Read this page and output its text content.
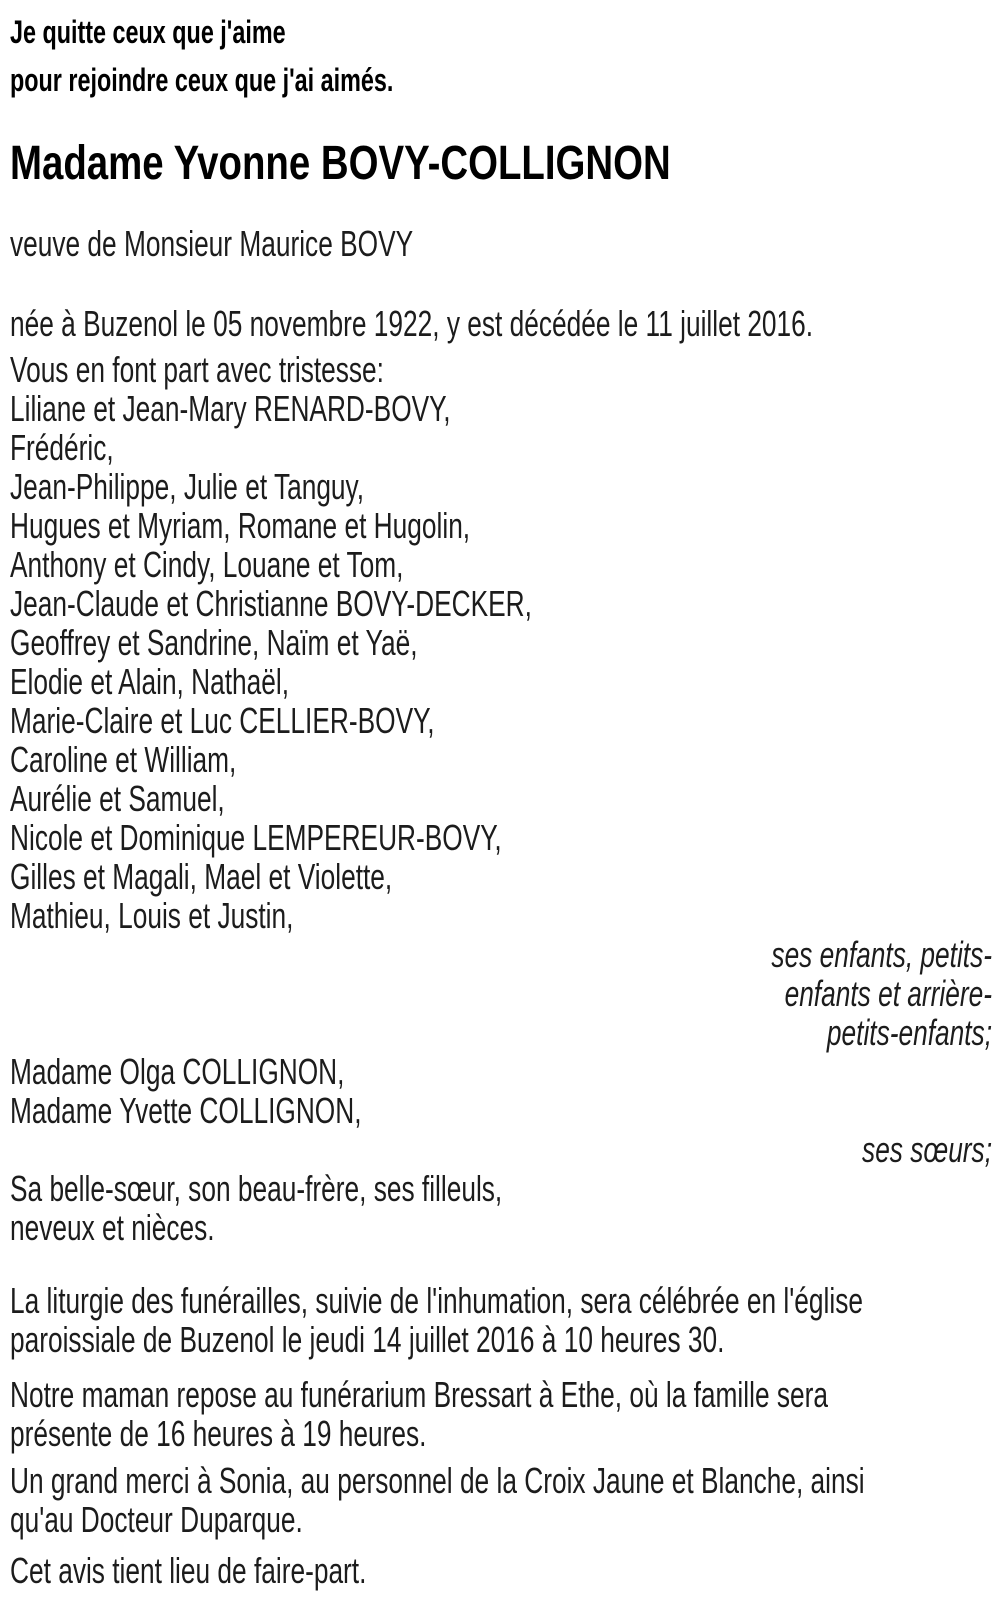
Je quitte ceux que j'aime
pour rejoindre ceux que j'ai aimés.
Madame Yvonne BOVY-COLLIGNON
veuve de Monsieur Maurice BOVY
née à Buzenol le 05 novembre 1922, y est décédée le 11 juillet 2016.
Vous en font part avec tristesse:
Liliane et Jean-Mary RENARD-BOVY,
Frédéric,
Jean-Philippe, Julie et Tanguy,
Hugues et Myriam, Romane et Hugolin,
Anthony et Cindy, Louane et Tom,
Jean-Claude et Christianne BOVY-DECKER,
Geoffrey et Sandrine, Naïm et Yaë,
Elodie et Alain, Nathaël,
Marie-Claire et Luc CELLIER-BOVY,
Caroline et William,
Aurélie et Samuel,
Nicole et Dominique LEMPEREUR-BOVY,
Gilles et Magali, Mael et Violette,
Mathieu, Louis et Justin,
ses enfants, petits-
enfants et arrière-
petits-enfants;
Madame Olga COLLIGNON,
Madame Yvette COLLIGNON,
ses sœurs;
Sa belle-sœur, son beau-frère, ses filleuls,
neveux et nièces.
La liturgie des funérailles, suivie de l'inhumation, sera célébrée en l'église
paroissiale de Buzenol le jeudi 14 juillet 2016 à 10 heures 30.
Notre maman repose au funérarium Bressart à Ethe, où la famille sera
présente de 16 heures à 19 heures.
Un grand merci à Sonia, au personnel de la Croix Jaune et Blanche, ainsi
qu'au Docteur Duparque.
Cet avis tient lieu de faire-part.
